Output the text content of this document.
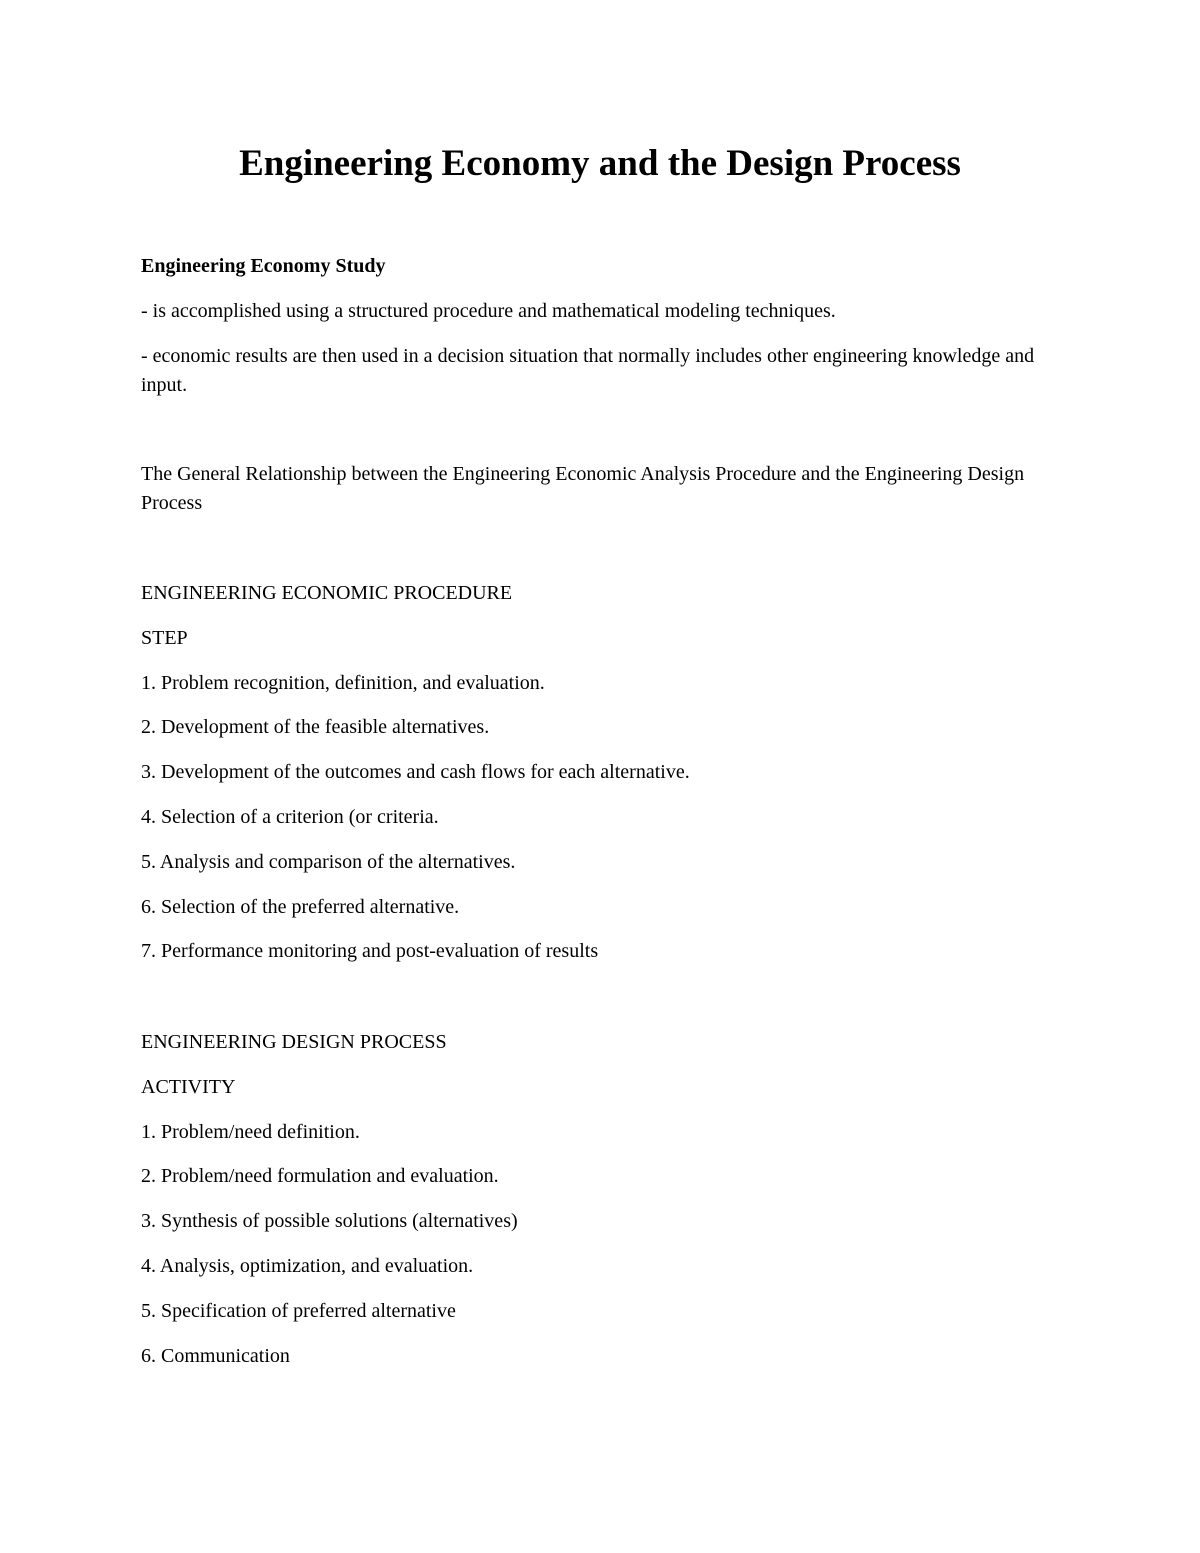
Engineering Economy and the Design Process
Engineering Economy Study
- is accomplished using a structured procedure and mathematical modeling techniques.
- economic results are then used in a decision situation that normally includes other engineering knowledge and input.
The General Relationship between the Engineering Economic Analysis Procedure and the Engineering Design Process
ENGINEERING ECONOMIC PROCEDURE
STEP
1. Problem recognition, definition, and evaluation.
2. Development of the feasible alternatives.
3. Development of the outcomes and cash flows for each alternative.
4. Selection of a criterion (or criteria.
5. Analysis and comparison of the alternatives.
6. Selection of the preferred alternative.
7. Performance monitoring and post-evaluation of results
ENGINEERING DESIGN PROCESS
ACTIVITY
1. Problem/need definition.
2. Problem/need formulation and evaluation.
3. Synthesis of possible solutions (alternatives)
4. Analysis, optimization, and evaluation.
5. Specification of preferred alternative
6. Communication
